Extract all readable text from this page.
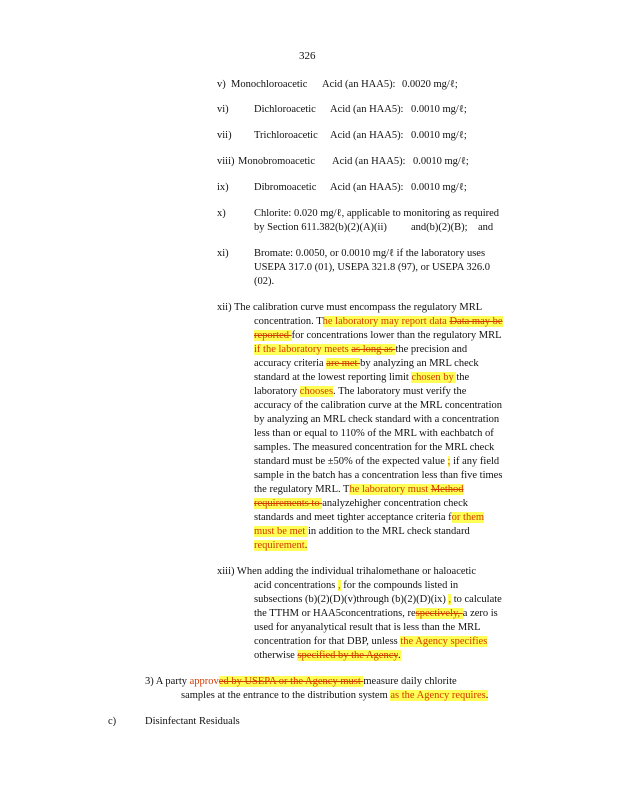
326
v) Monochloroacetic Acid (an HAA5): 0.0020 mg/ℓ;
vi) Dichloroacetic Acid (an HAA5): 0.0010 mg/ℓ;
vii) Trichloroacetic Acid (an HAA5): 0.0010 mg/ℓ;
viii) Monobromoacetic Acid (an HAA5): 0.0010 mg/ℓ;
ix) Dibromoacetic Acid (an HAA5): 0.0010 mg/ℓ;
x)	Chlorite: 0.020 mg/ℓ, applicable to monitoring as required
by Section 611.382(b)(2)(A)(ii) and(b)(2)(B); and
xi) Bromate: 0.0050, or 0.0010 mg/ℓ if the laboratory uses
USEPA 317.0 (01), USEPA 321.8 (97), or USEPA 326.0
(02).
xii) The calibration curve must encompass the regulatory MRL
concentration. The laboratory may report data Data may be
reported for concentrations lower than the regulatory MRL
if the laboratory meets as long as the precision and
accuracy criteria are met by analyzing an MRL check
standard at the lowest reporting limit chosen by the
laboratory chooses. The laboratory must verify the
accuracy of the calibration curve at the MRL concentration
by analyzing an MRL check standard with a concentration
less than or equal to 110% of the MRL with eachbatch of
samples. The measured concentration for the MRL check
standard must be ±50% of the expected value ; if any field
sample in the batch has a concentration less than five times
the regulatory MRL. The laboratory must Method
requirements to analyzehigher concentration check
standards and meet tighter acceptance criteria for them
must be met in addition to the MRL check standard
requirement.
xiii) When adding the individual trihalomethane or haloacetic
acid concentrations , for the compounds listed in
subsections (b)(2)(D)(v)through (b)(2)(D)(ix) , to calculate
the TTHM or HAA5concentrations, respectively, a zero is
used for anyanalytical result that is less than the MRL
concentration for that DBP, unless the Agency specifies
otherwise specified by the Agency.
3) A party approved by USEPA or the Agency must measure daily chlorite
samples at the entrance to the distribution system as the Agency requires.
c)	Disinfectant Residuals
